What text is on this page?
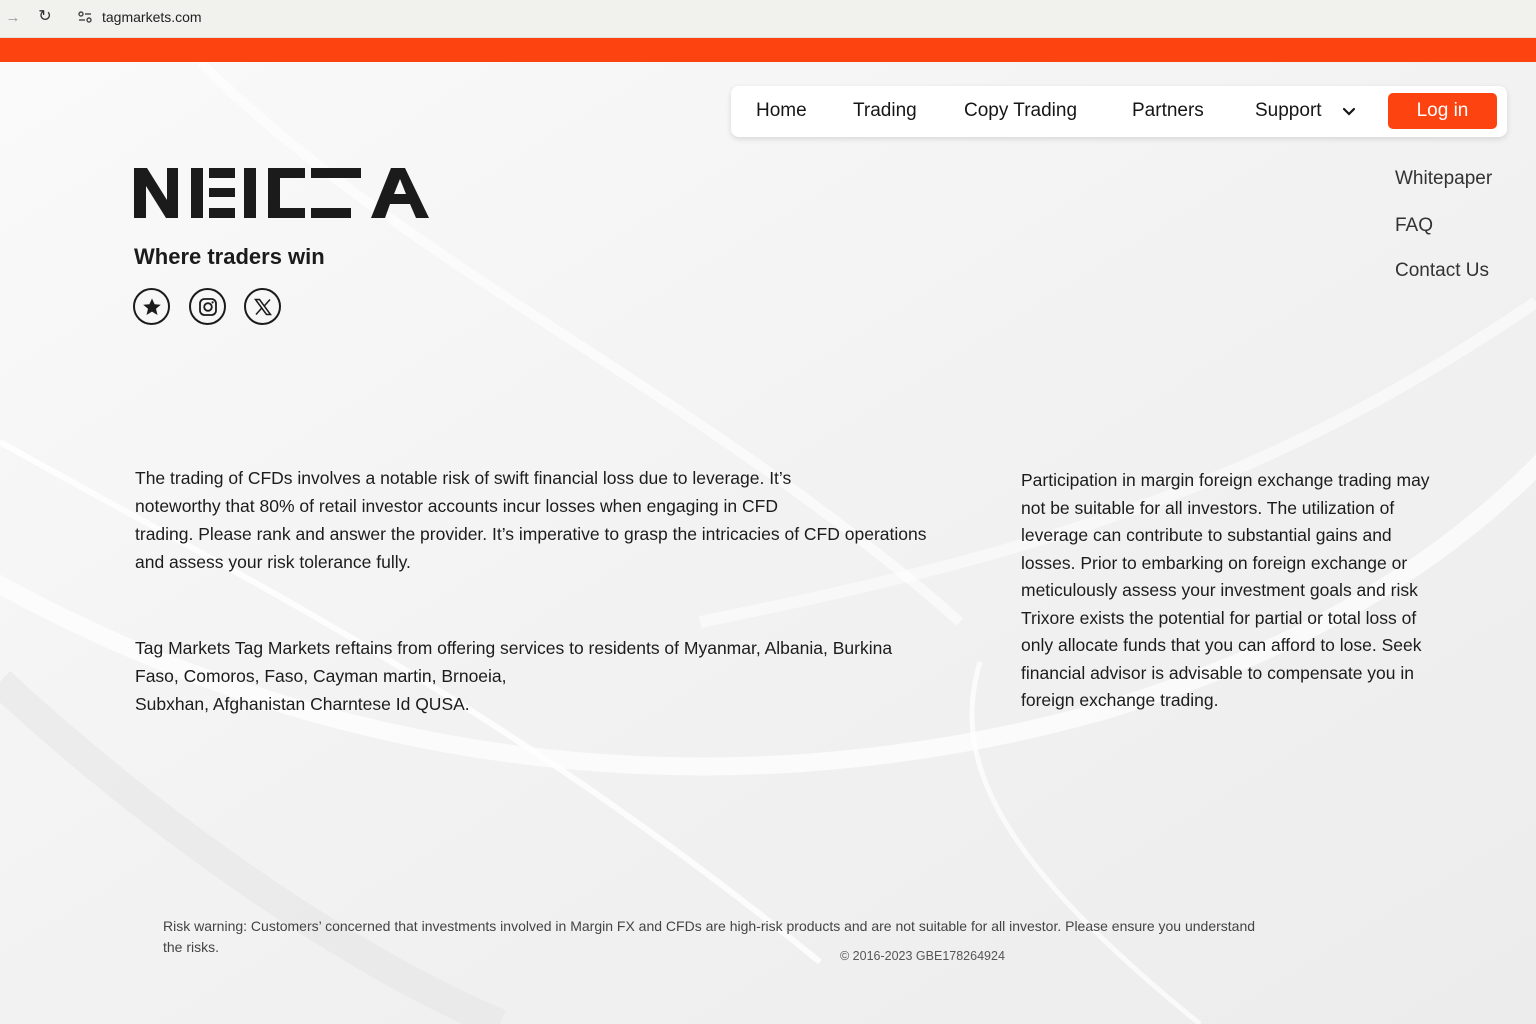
→ ↻	tagmarkets.com
Home Trading Copy Trading	Partners	Support	Log in
Whitepaper
FAQ
Contact Us
Where traders win
The trading of CFDs involves a notable risk of swift financial loss due to leverage. It’s
noteworthy that 80% of retail investor accounts incur losses when engaging in CFD
trading. Please rank and answer the provider. It’s imperative to grasp the intricacies of CFD operations
and assess your risk tolerance fully.
Tag Markets Tag Markets reftains from offering services to residents of Myanmar, Albania, Burkina
Faso, Comoros, Faso, Cayman martin, Brnoeia,
Subxhan, Afghanistan Charntese Id QUSA.
Participation in margin foreign exchange trading may
not be suitable for all investors. The utilization of
leverage can contribute to substantial gains and
losses. Prior to embarking on foreign exchange or
meticulously assess your investment goals and risk
Trixore exists the potential for partial or total loss of
only allocate funds that you can afford to lose. Seek
financial advisor is advisable to compensate you in
foreign exchange trading.
Risk warning: Customers’ concerned that investments involved in Margin FX and CFDs are high-risk products and are not suitable for all investor. Please ensure you understand
the risks.
© 2016-2023 GBE178264924
